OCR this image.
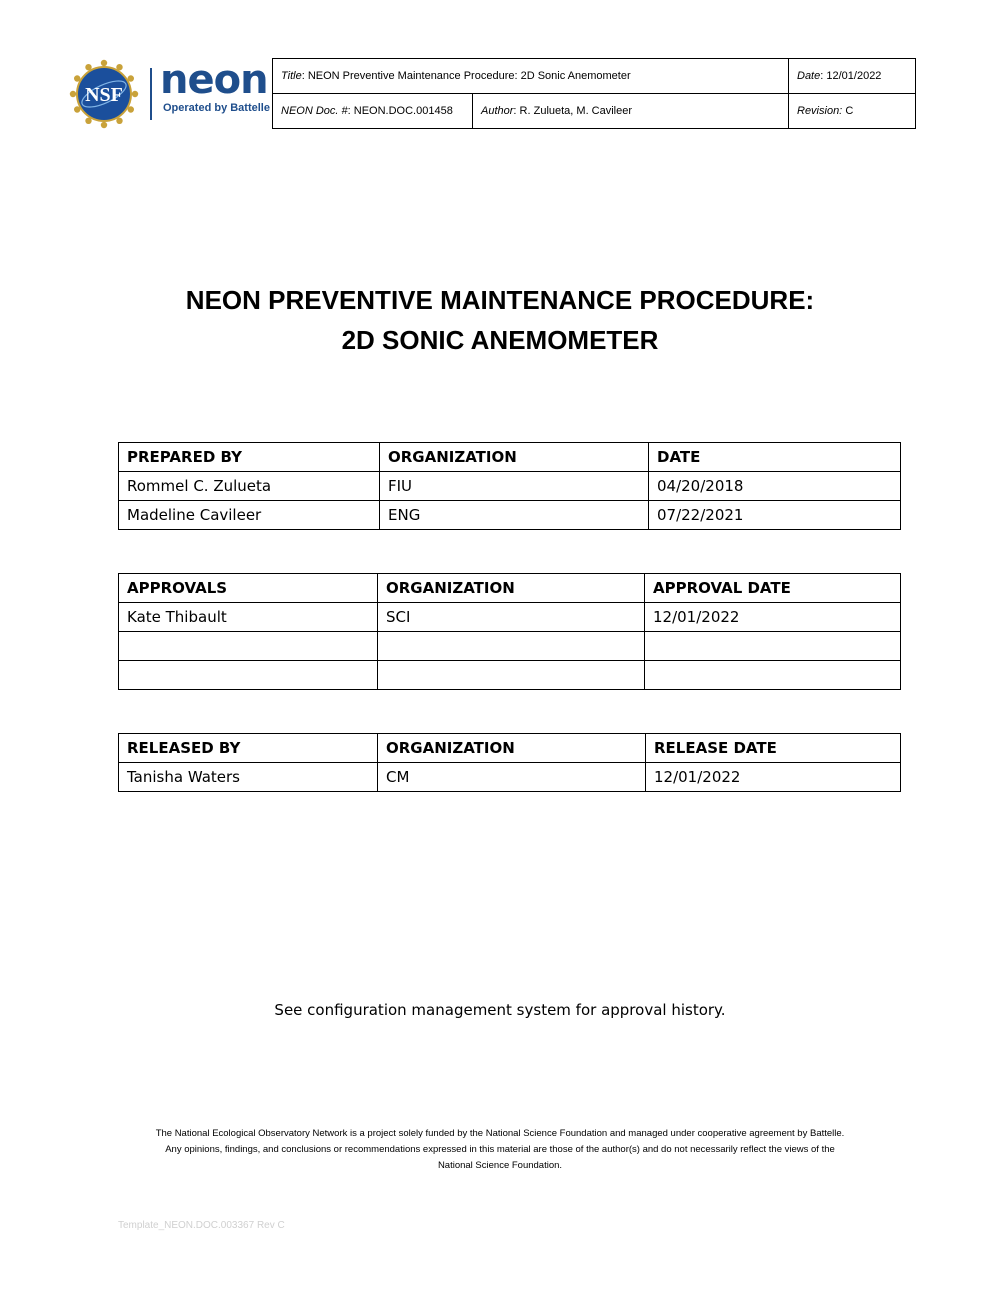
NSF neon
Operated by Battelle
Title: NEON Preventive Maintenance Procedure: 2D Sonic Anemometer		Date: 12/01/2022
NEON Doc. #: NEON.DOC.001458	Author: R. Zulueta, M. Cavileer	Revision: C
NEON PREVENTIVE MAINTENANCE PROCEDURE:
2D SONIC ANEMOMETER
PREPARED BY	ORGANIZATION	DATE
Rommel C. Zulueta	FIU	04/20/2018
Madeline Cavileer	ENG	07/22/2021
APPROVALS	ORGANIZATION	APPROVAL DATE
Kate Thibault	SCI	12/01/2022

RELEASED BY	ORGANIZATION	RELEASE DATE
Tanisha Waters	CM	12/01/2022
See configuration management system for approval history.
The National Ecological Observatory Network is a project solely funded by the National Science Foundation and managed under cooperative agreement by Battelle.
Any opinions, findings, and conclusions or recommendations expressed in this material are those of the author(s) and do not necessarily reflect the views of the
National Science Foundation.
Template_NEON.DOC.003367 Rev C
